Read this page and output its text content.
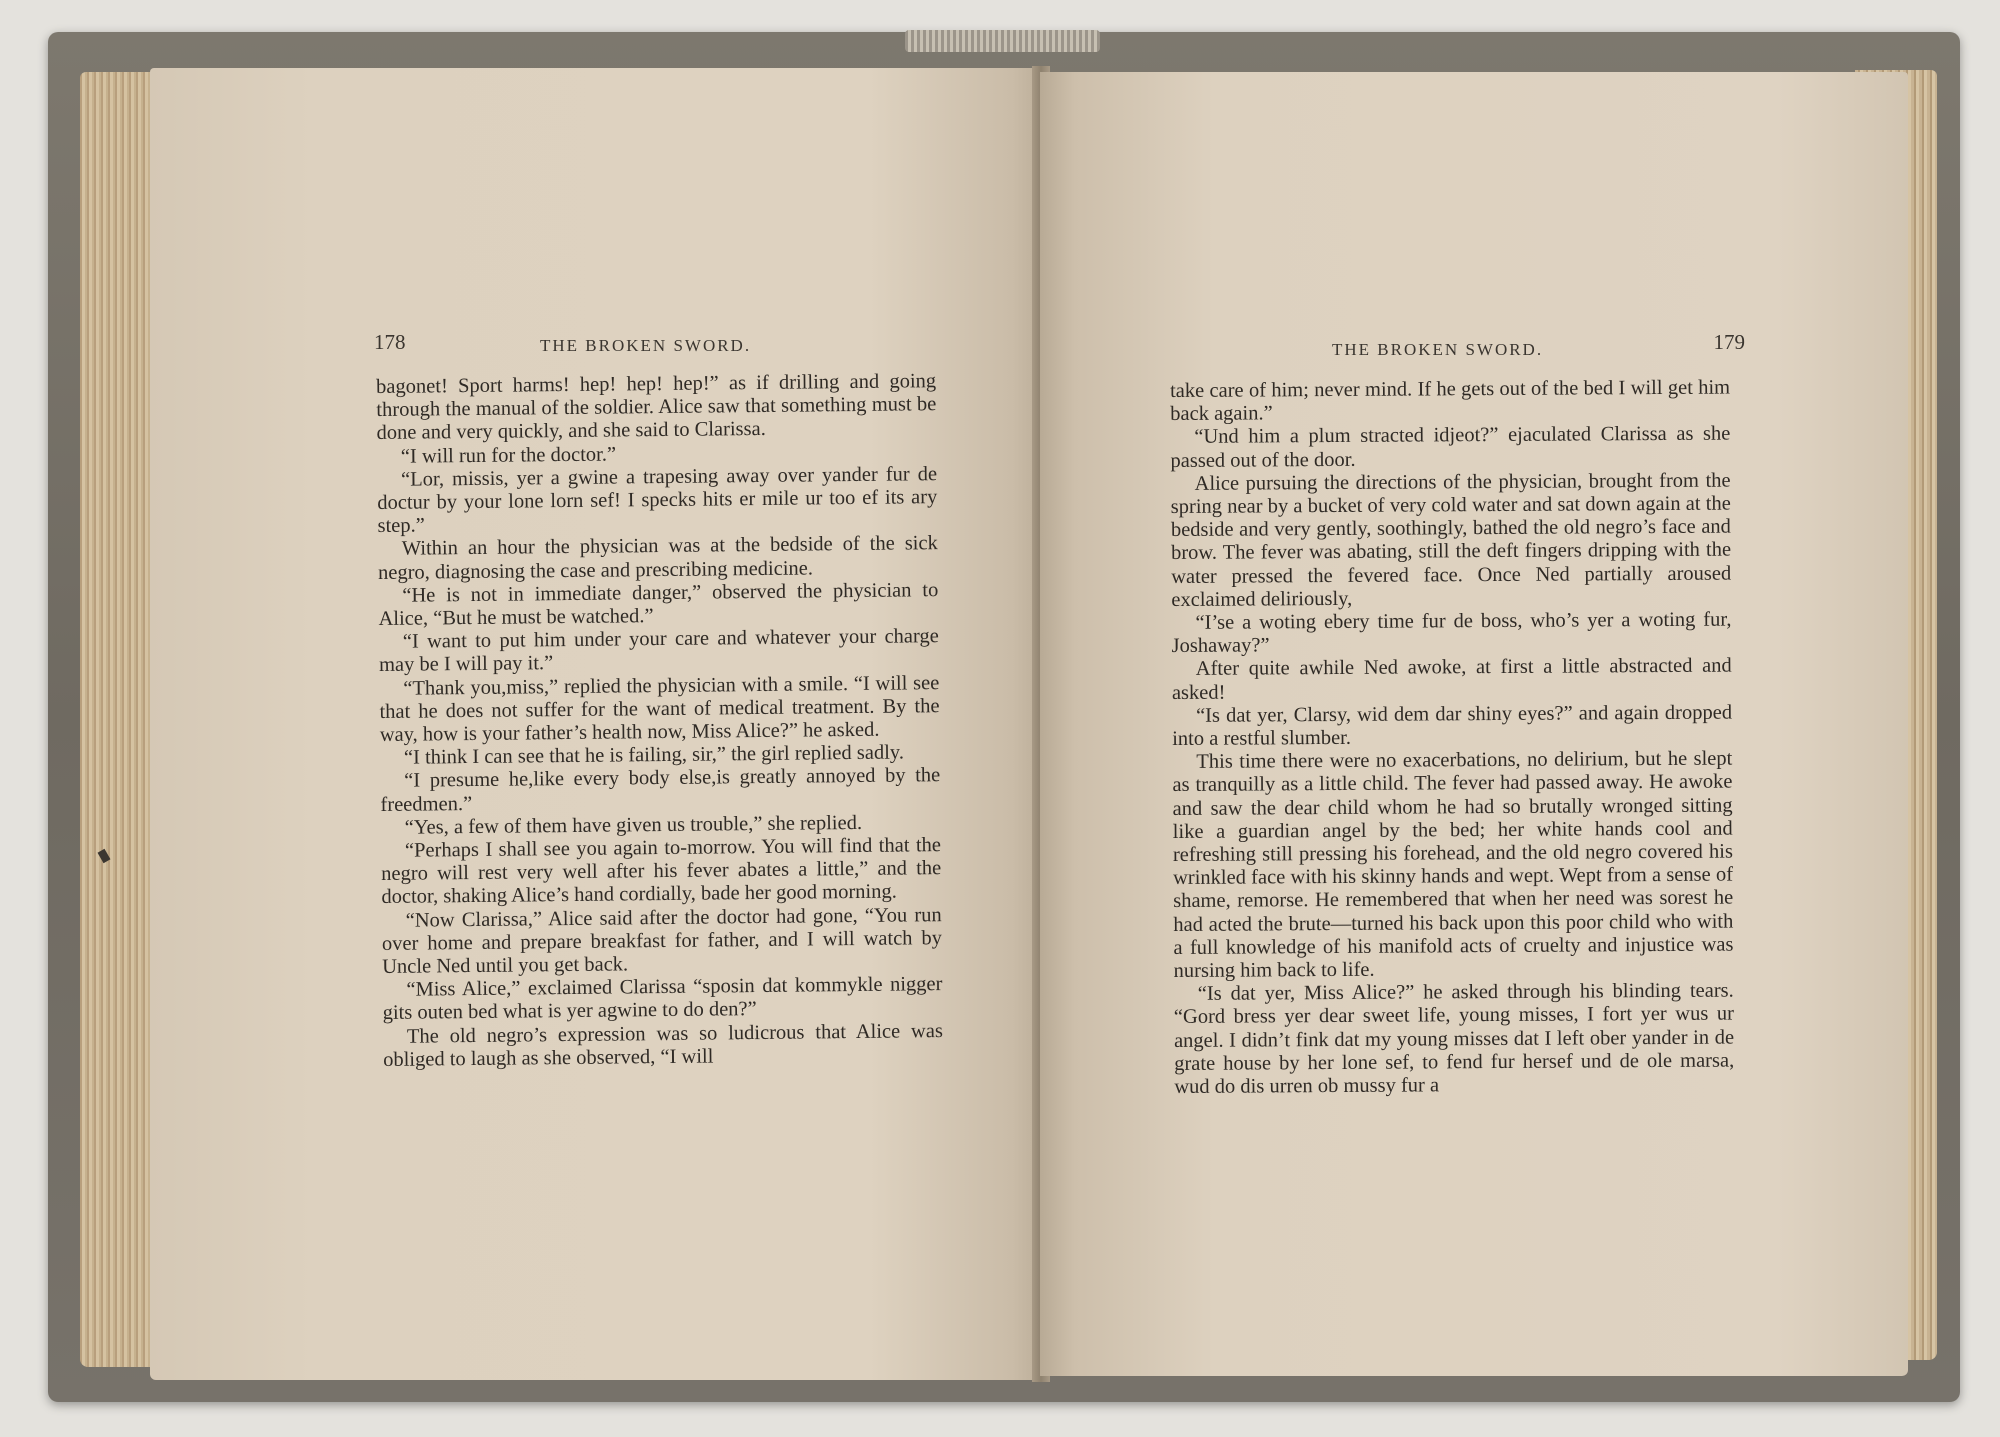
178	THE BROKEN SWORD.

bagonet! Sport harms! hep! hep! hep!” as if drilling and going through the manual of the soldier. Alice saw that something must be done and very quickly, and she said to Clarissa.

“I will run for the doctor.”

“Lor, missis, yer a gwine a trapesing away over yander fur de doctur by your lone lorn sef! I specks hits er mile ur too ef its ary step.”

Within an hour the physician was at the bedside of the sick negro, diagnosing the case and prescribing medicine.

“He is not in immediate danger,” observed the physician to Alice, “But he must be watched.”

“I want to put him under your care and whatever your charge may be I will pay it.”

“Thank you,miss,” replied the physician with a smile. “I will see that he does not suffer for the want of medical treatment. By the way, how is your father’s health now, Miss Alice?” he asked.

“I think I can see that he is failing, sir,” the girl replied sadly.

“I presume he,like every body else,is greatly annoyed by the freedmen.”

“Yes, a few of them have given us trouble,” she replied.

“Perhaps I shall see you again to-morrow. You will find that the negro will rest very well after his fever abates a little,” and the doctor, shaking Alice’s hand cordially, bade her good morning.

“Now Clarissa,” Alice said after the doctor had gone, “You run over home and prepare breakfast for father, and I will watch by Uncle Ned until you get back.

“Miss Alice,” exclaimed Clarissa “sposin dat kommykle nigger gits outen bed what is yer agwine to do den?”

The old negro’s expression was so ludicrous that Alice was obliged to laugh as she observed, “I will

THE BROKEN SWORD.	179

take care of him; never mind. If he gets out of the bed I will get him back again.”

“Und him a plum stracted idjeot?” ejaculated Clarissa as she passed out of the door.

Alice pursuing the directions of the physician, brought from the spring near by a bucket of very cold water and sat down again at the bedside and very gently, soothingly, bathed the old negro’s face and brow. The fever was abating, still the deft fingers dripping with the water pressed the fevered face. Once Ned partially aroused exclaimed deliriously,

“I’se a woting ebery time fur de boss, who’s yer a woting fur, Joshaway?”

After quite awhile Ned awoke, at first a little abstracted and asked!

“Is dat yer, Clarsy, wid dem dar shiny eyes?” and again dropped into a restful slumber.

This time there were no exacerbations, no delirium, but he slept as tranquilly as a little child. The fever had passed away. He awoke and saw the dear child whom he had so brutally wronged sitting like a guardian angel by the bed; her white hands cool and refreshing still pressing his forehead, and the old negro covered his wrinkled face with his skinny hands and wept. Wept from a sense of shame, remorse. He remembered that when her need was sorest he had acted the brute—turned his back upon this poor child who with a full knowledge of his manifold acts of cruelty and injustice was nursing him back to life.

“Is dat yer, Miss Alice?” he asked through his blinding tears. “Gord bress yer dear sweet life, young misses, I fort yer wus ur angel. I didn’t fink dat my young misses dat I left ober yander in de grate house by her lone sef, to fend fur hersef und de ole marsa, wud do dis urren ob mussy fur a
